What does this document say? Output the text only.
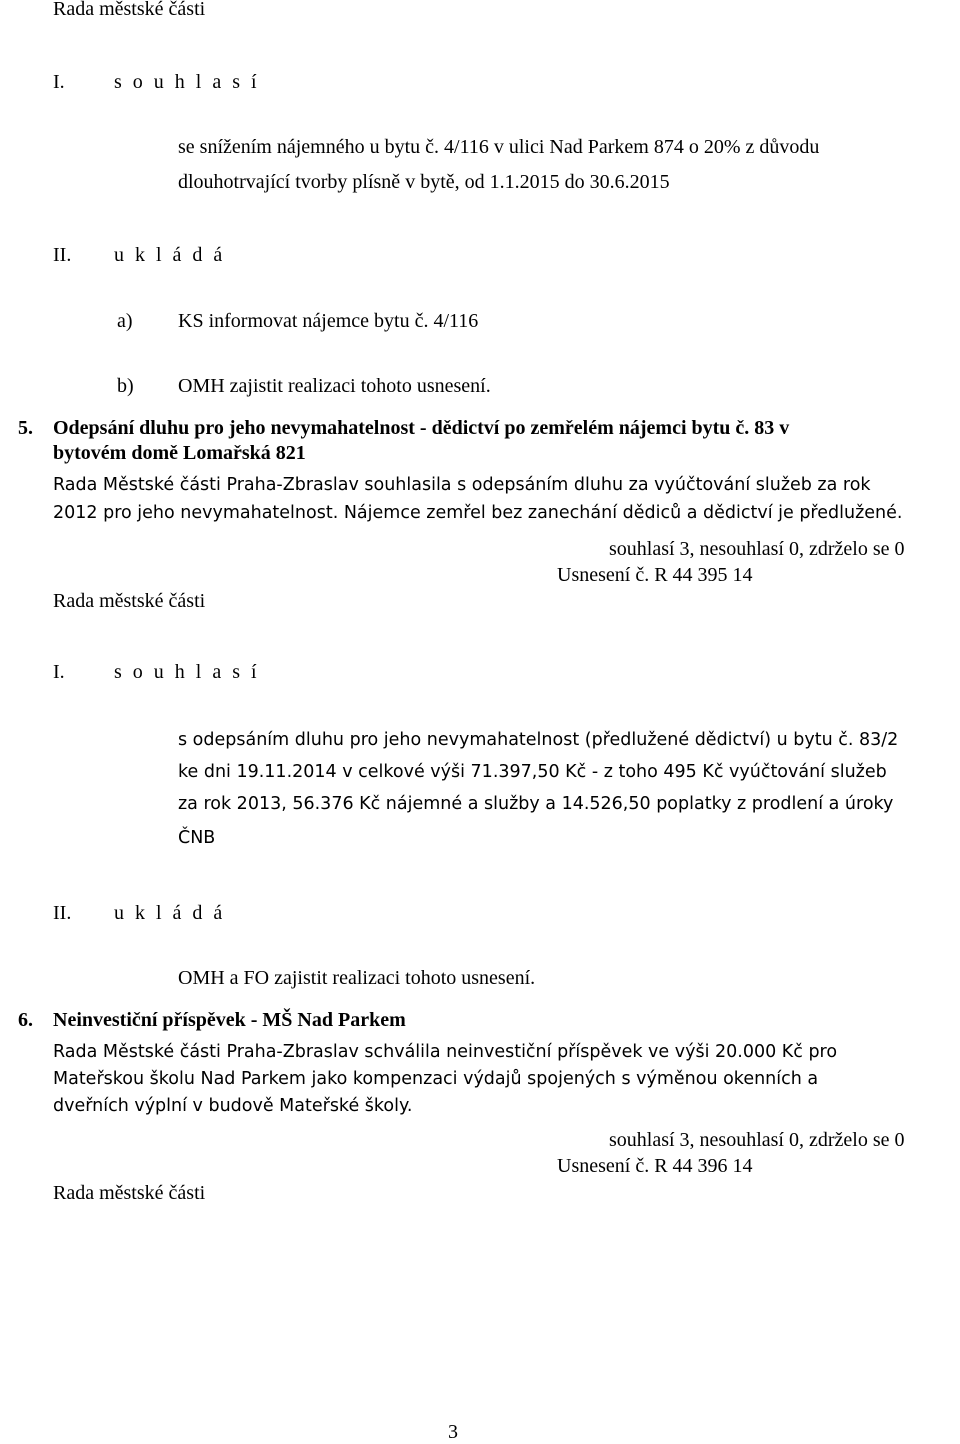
Rada městské části
I. s o u h l a s í
se snížením nájemného u bytu č. 4/116 v ulici Nad Parkem 874 o 20% z důvodu
dlouhotrvající tvorby plísně v bytě, od 1.1.2015 do 30.6.2015
II. u k l á d á
a) KS informovat nájemce bytu č. 4/116
b) OMH zajistit realizaci tohoto usnesení.
5. Odepsání dluhu pro jeho nevymahatelnost - dědictví po zemřelém nájemci bytu č. 83 v
bytovém domě Lomařská 821
Rada Městské části Praha-Zbraslav souhlasila s odepsáním dluhu za vyúčtování služeb za rok
2012 pro jeho nevymahatelnost. Nájemce zemřel bez zanechání dědiců a dědictví je předlužené.
souhlasí 3, nesouhlasí 0, zdrželo se 0
Usnesení č. R 44 395 14
Rada městské části
I. s o u h l a s í
s odepsáním dluhu pro jeho nevymahatelnost (předlužené dědictví) u bytu č. 83/2
ke dni 19.11.2014 v celkové výši 71.397,50 Kč - z toho 495 Kč vyúčtování služeb
za rok 2013, 56.376 Kč nájemné a služby a 14.526,50 poplatky z prodlení a úroky
ČNB
II. u k l á d á
OMH a FO zajistit realizaci tohoto usnesení.
6. Neinvestiční příspěvek - MŠ Nad Parkem
Rada Městské části Praha-Zbraslav schválila neinvestiční příspěvek ve výši 20.000 Kč pro
Mateřskou školu Nad Parkem jako kompenzaci výdajů spojených s výměnou okenních a
dveřních výplní v budově Mateřské školy.
souhlasí 3, nesouhlasí 0, zdrželo se 0
Usnesení č. R 44 396 14
Rada městské části
3
